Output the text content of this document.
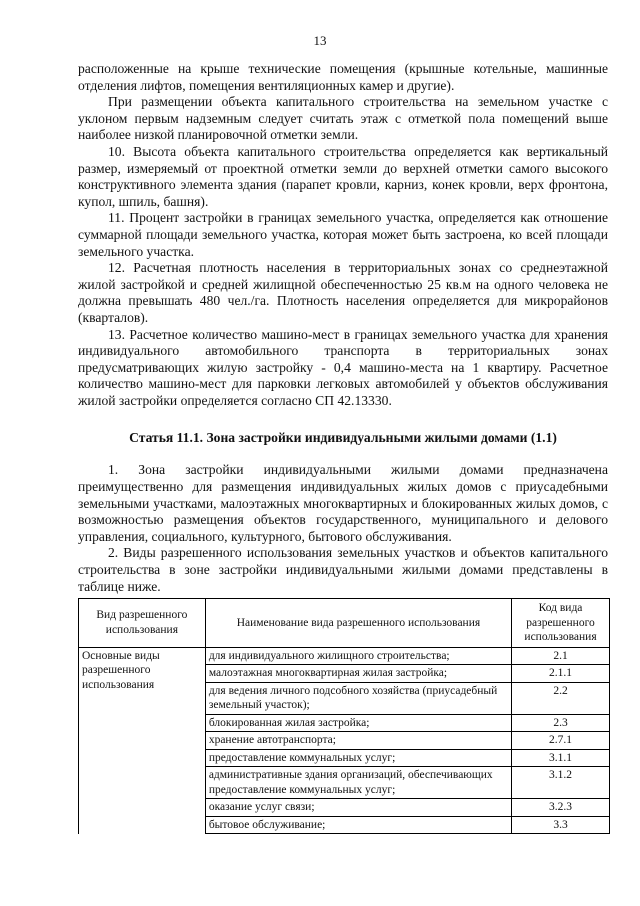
13

расположенные на крыше технические помещения (крышные котельные, машинные отделения лифтов, помещения вентиляционных камер и другие).

При размещении объекта капитального строительства на земельном участке с уклоном первым надземным следует считать этаж с отметкой пола помещений выше наиболее низкой планировочной отметки земли.

10. Высота объекта капитального строительства определяется как вертикальный размер, измеряемый от проектной отметки земли до верхней отметки самого высокого конструктивного элемента здания (парапет кровли, карниз, конек кровли, верх фронтона, купол, шпиль, башня).

11. Процент застройки в границах земельного участка, определяется как отношение суммарной площади земельного участка, которая может быть застроена, ко всей площади земельного участка.

12. Расчетная плотность населения в территориальных зонах со среднеэтажной жилой застройкой и средней жилищной обеспеченностью 25 кв.м на одного человека не должна превышать 480 чел./га. Плотность населения определяется для микрорайонов (кварталов).

13. Расчетное количество машино-мест в границах земельного участка для хранения индивидуального автомобильного транспорта в территориальных зонах предусматривающих жилую застройку - 0,4 машино-места на 1 квартиру. Расчетное количество машино-мест для парковки легковых автомобилей у объектов обслуживания жилой застройки определяется согласно СП 42.13330.

Статья 11.1. Зона застройки индивидуальными жилыми домами (1.1)

1. Зона застройки индивидуальными жилыми домами предназначена преимущественно для размещения индивидуальных жилых домов с приусадебными земельными участками, малоэтажных многоквартирных и блокированных жилых домов, с возможностью размещения объектов государственного, муниципального и делового управления, социального, культурного, бытового обслуживания.

2. Виды разрешенного использования земельных участков и объектов капитального строительства в зоне застройки индивидуальными жилыми домами представлены в таблице ниже.

Вид разрешенного использования	Наименование вида разрешенного использования	Код вида разрешенного использования
Основные виды разрешенного использования	для индивидуального жилищного строительства;	2.1
	малоэтажная многоквартирная жилая застройка;	2.1.1
	для ведения личного подсобного хозяйства (приусадебный земельный участок);	2.2
	блокированная жилая застройка;	2.3
	хранение автотранспорта;	2.7.1
	предоставление коммунальных услуг;	3.1.1
	административные здания организаций, обеспечивающих предоставление коммунальных услуг;	3.1.2
	оказание услуг связи;	3.2.3
	бытовое обслуживание;	3.3
